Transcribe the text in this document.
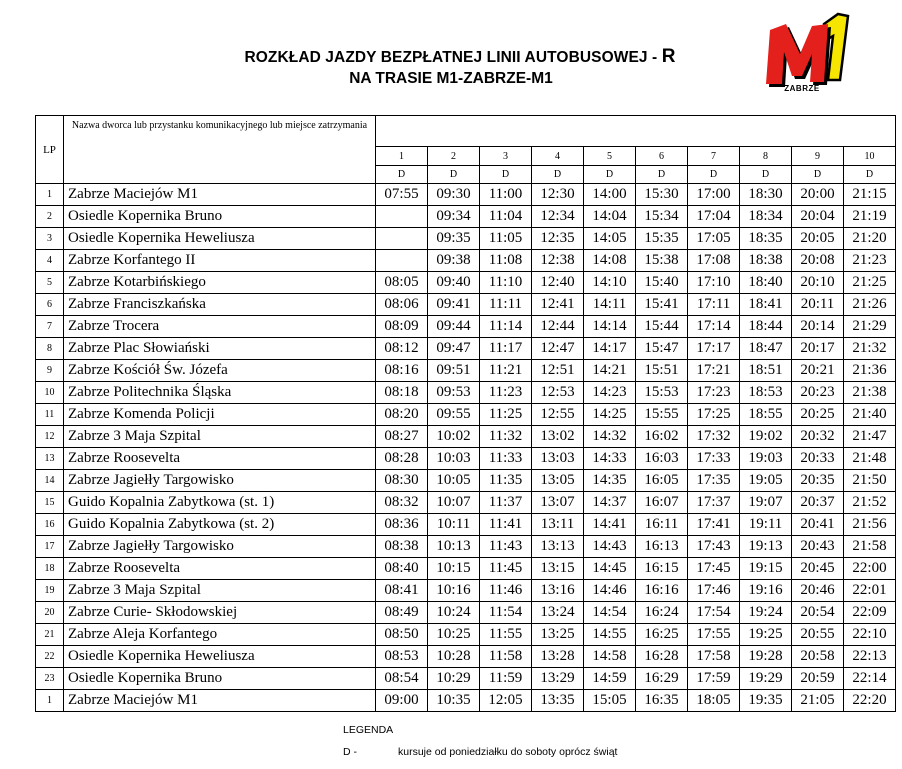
ROZKŁAD JAZDY BEZPŁATNEJ LINII AUTOBUSOWEJ - R
NA TRASIE M1-ZABRZE-M1
ZABRZE
LP	Nazwa dworca lub przystanku komunikacyjnego lub miejsce zatrzymania										
		1	2	3	4	5	6	7	8	9	10
		D	D	D	D	D	D	D	D	D	D
1	Zabrze Maciejów M1	07:55	09:30	11:00	12:30	14:00	15:30	17:00	18:30	20:00	21:15
2	Osiedle Kopernika Bruno		09:34	11:04	12:34	14:04	15:34	17:04	18:34	20:04	21:19
3	Osiedle Kopernika Heweliusza		09:35	11:05	12:35	14:05	15:35	17:05	18:35	20:05	21:20
4	Zabrze Korfantego II		09:38	11:08	12:38	14:08	15:38	17:08	18:38	20:08	21:23
5	Zabrze Kotarbińskiego	08:05	09:40	11:10	12:40	14:10	15:40	17:10	18:40	20:10	21:25
6	Zabrze Franciszkańska	08:06	09:41	11:11	12:41	14:11	15:41	17:11	18:41	20:11	21:26
7	Zabrze Trocera	08:09	09:44	11:14	12:44	14:14	15:44	17:14	18:44	20:14	21:29
8	Zabrze Plac Słowiański	08:12	09:47	11:17	12:47	14:17	15:47	17:17	18:47	20:17	21:32
9	Zabrze Kościół Św. Józefa	08:16	09:51	11:21	12:51	14:21	15:51	17:21	18:51	20:21	21:36
10	Zabrze Politechnika Śląska	08:18	09:53	11:23	12:53	14:23	15:53	17:23	18:53	20:23	21:38
11	Zabrze Komenda Policji	08:20	09:55	11:25	12:55	14:25	15:55	17:25	18:55	20:25	21:40
12	Zabrze 3 Maja Szpital	08:27	10:02	11:32	13:02	14:32	16:02	17:32	19:02	20:32	21:47
13	Zabrze Roosevelta	08:28	10:03	11:33	13:03	14:33	16:03	17:33	19:03	20:33	21:48
14	Zabrze Jagiełły Targowisko	08:30	10:05	11:35	13:05	14:35	16:05	17:35	19:05	20:35	21:50
15	Guido Kopalnia Zabytkowa (st. 1)	08:32	10:07	11:37	13:07	14:37	16:07	17:37	19:07	20:37	21:52
16	Guido Kopalnia Zabytkowa (st. 2)	08:36	10:11	11:41	13:11	14:41	16:11	17:41	19:11	20:41	21:56
17	Zabrze Jagiełły Targowisko	08:38	10:13	11:43	13:13	14:43	16:13	17:43	19:13	20:43	21:58
18	Zabrze Roosevelta	08:40	10:15	11:45	13:15	14:45	16:15	17:45	19:15	20:45	22:00
19	Zabrze 3 Maja Szpital	08:41	10:16	11:46	13:16	14:46	16:16	17:46	19:16	20:46	22:01
20	Zabrze Curie- Skłodowskiej	08:49	10:24	11:54	13:24	14:54	16:24	17:54	19:24	20:54	22:09
21	Zabrze Aleja Korfantego	08:50	10:25	11:55	13:25	14:55	16:25	17:55	19:25	20:55	22:10
22	Osiedle Kopernika Heweliusza	08:53	10:28	11:58	13:28	14:58	16:28	17:58	19:28	20:58	22:13
23	Osiedle Kopernika Bruno	08:54	10:29	11:59	13:29	14:59	16:29	17:59	19:29	20:59	22:14
1	Zabrze Maciejów M1	09:00	10:35	12:05	13:35	15:05	16:35	18:05	19:35	21:05	22:20
LEGENDA
D -	kursuje od poniedziałku do soboty oprócz świąt
